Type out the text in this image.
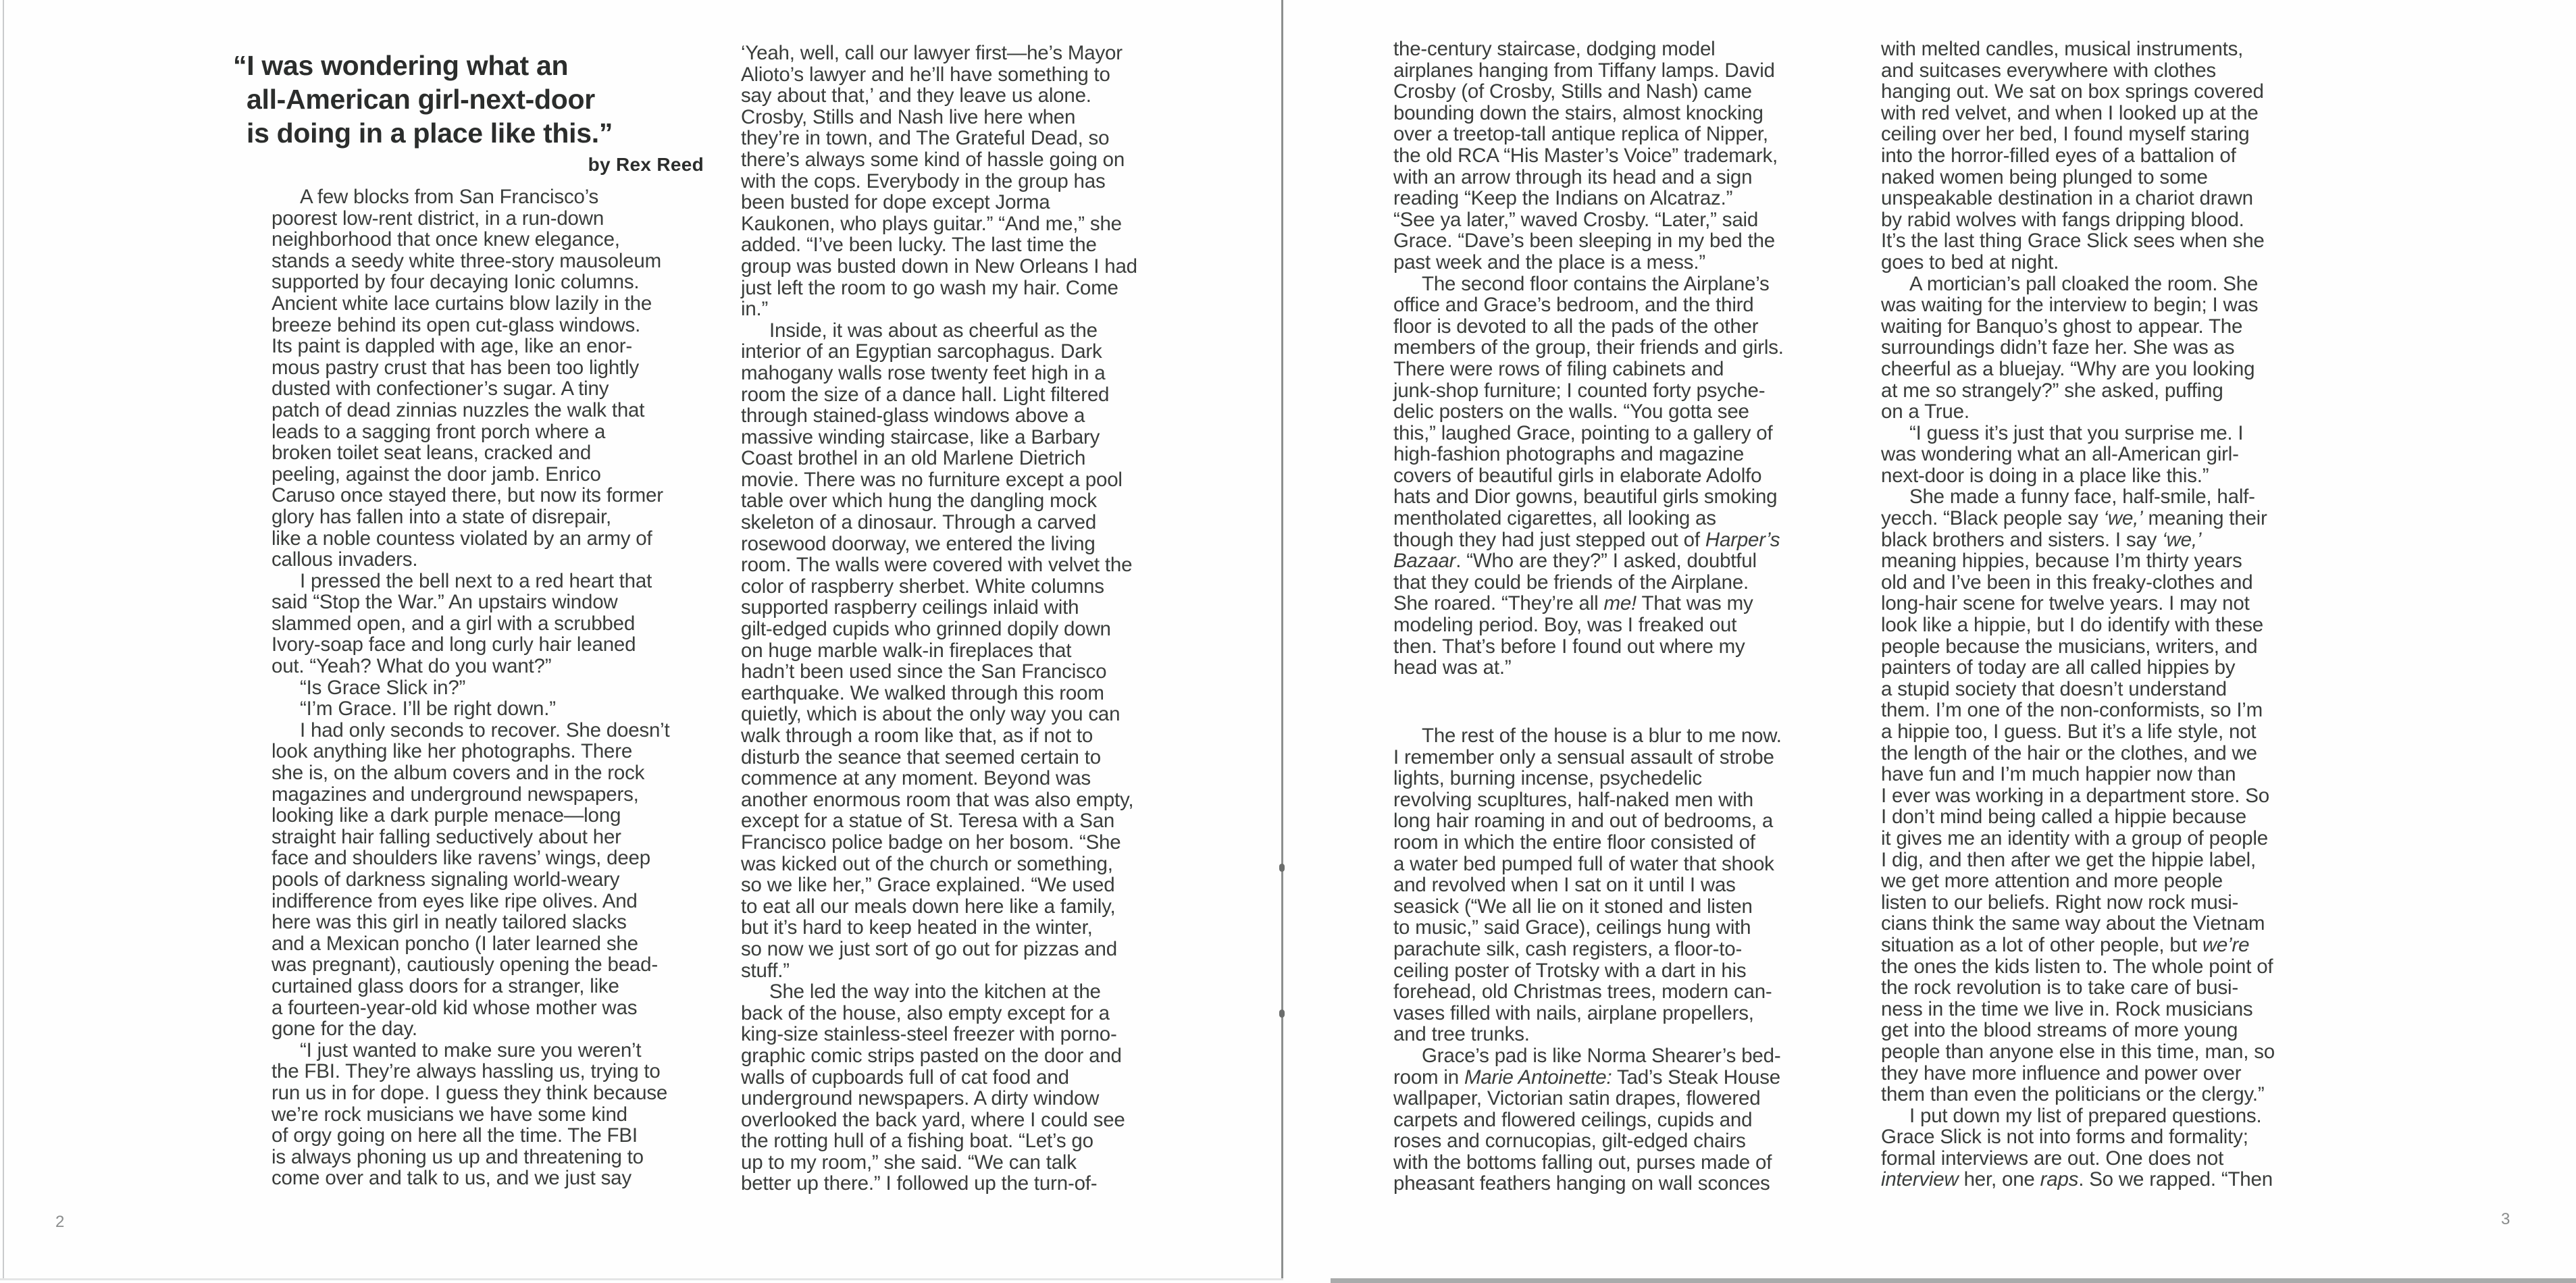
“I was wondering what an
all-American girl-next-door
is doing in a place like this.”
by Rex Reed

A few blocks from San Francisco’s
poorest low-rent district, in a run-down
neighborhood that once knew elegance,
stands a seedy white three-story mausoleum
supported by four decaying Ionic columns.
Ancient white lace curtains blow lazily in the
breeze behind its open cut-glass windows.
Its paint is dappled with age, like an enor-
mous pastry crust that has been too lightly
dusted with confectioner’s sugar. A tiny
patch of dead zinnias nuzzles the walk that
leads to a sagging front porch where a
broken toilet seat leans, cracked and
peeling, against the door jamb. Enrico
Caruso once stayed there, but now its former
glory has fallen into a state of disrepair,
like a noble countess violated by an army of
callous invaders.

I pressed the bell next to a red heart that
said “Stop the War.” An upstairs window
slammed open, and a girl with a scrubbed
Ivory-soap face and long curly hair leaned
out. “Yeah? What do you want?”

“Is Grace Slick in?”

“I’m Grace. I’ll be right down.”

I had only seconds to recover. She doesn’t
look anything like her photographs. There
she is, on the album covers and in the rock
magazines and underground newspapers,
looking like a dark purple menace—long
straight hair falling seductively about her
face and shoulders like ravens’ wings, deep
pools of darkness signaling world-weary
indifference from eyes like ripe olives. And
here was this girl in neatly tailored slacks
and a Mexican poncho (I later learned she
was pregnant), cautiously opening the bead-
curtained glass doors for a stranger, like
a fourteen-year-old kid whose mother was
gone for the day.

“I just wanted to make sure you weren’t
the FBI. They’re always hassling us, trying to
run us in for dope. I guess they think because
we’re rock musicians we have some kind
of orgy going on here all the time. The FBI
is always phoning us up and threatening to
come over and talk to us, and we just say

‘Yeah, well, call our lawyer first—he’s Mayor
Alioto’s lawyer and he’ll have something to
say about that,’ and they leave us alone.
Crosby, Stills and Nash live here when
they’re in town, and The Grateful Dead, so
there’s always some kind of hassle going on
with the cops. Everybody in the group has
been busted for dope except Jorma
Kaukonen, who plays guitar.” “And me,” she
added. “I’ve been lucky. The last time the
group was busted down in New Orleans I had
just left the room to go wash my hair. Come
in.”

Inside, it was about as cheerful as the
interior of an Egyptian sarcophagus. Dark
mahogany walls rose twenty feet high in a
room the size of a dance hall. Light filtered
through stained-glass windows above a
massive winding staircase, like a Barbary
Coast brothel in an old Marlene Dietrich
movie. There was no furniture except a pool
table over which hung the dangling mock
skeleton of a dinosaur. Through a carved
rosewood doorway, we entered the living
room. The walls were covered with velvet the
color of raspberry sherbet. White columns
supported raspberry ceilings inlaid with
gilt-edged cupids who grinned dopily down
on huge marble walk-in fireplaces that
hadn’t been used since the San Francisco
earthquake. We walked through this room
quietly, which is about the only way you can
walk through a room like that, as if not to
disturb the seance that seemed certain to
commence at any moment. Beyond was
another enormous room that was also empty,
except for a statue of St. Teresa with a San
Francisco police badge on her bosom. “She
was kicked out of the church or something,
so we like her,” Grace explained. “We used
to eat all our meals down here like a family,
but it’s hard to keep heated in the winter,
so now we just sort of go out for pizzas and
stuff.”

She led the way into the kitchen at the
back of the house, also empty except for a
king-size stainless-steel freezer with porno-
graphic comic strips pasted on the door and
walls of cupboards full of cat food and
underground newspapers. A dirty window
overlooked the back yard, where I could see
the rotting hull of a fishing boat. “Let’s go
up to my room,” she said. “We can talk
better up there.” I followed up the turn-of-

the-century staircase, dodging model
airplanes hanging from Tiffany lamps. David
Crosby (of Crosby, Stills and Nash) came
bounding down the stairs, almost knocking
over a treetop-tall antique replica of Nipper,
the old RCA “His Master’s Voice” trademark,
with an arrow through its head and a sign
reading “Keep the Indians on Alcatraz.”
“See ya later,” waved Crosby. “Later,” said
Grace. “Dave’s been sleeping in my bed the
past week and the place is a mess.”

The second floor contains the Airplane’s
office and Grace’s bedroom, and the third
floor is devoted to all the pads of the other
members of the group, their friends and girls.
There were rows of filing cabinets and
junk-shop furniture; I counted forty psyche-
delic posters on the walls. “You gotta see
this,” laughed Grace, pointing to a gallery of
high-fashion photographs and magazine
covers of beautiful girls in elaborate Adolfo
hats and Dior gowns, beautiful girls smoking
mentholated cigarettes, all looking as
though they had just stepped out of Harper’s
Bazaar. “Who are they?” I asked, doubtful
that they could be friends of the Airplane.
She roared. “They’re all me! That was my
modeling period. Boy, was I freaked out
then. That’s before I found out where my
head was at.”

The rest of the house is a blur to me now.
I remember only a sensual assault of strobe
lights, burning incense, psychedelic
revolving scupltures, half-naked men with
long hair roaming in and out of bedrooms, a
room in which the entire floor consisted of
a water bed pumped full of water that shook
and revolved when I sat on it until I was
seasick (“We all lie on it stoned and listen
to music,” said Grace), ceilings hung with
parachute silk, cash registers, a floor-to-
ceiling poster of Trotsky with a dart in his
forehead, old Christmas trees, modern can-
vases filled with nails, airplane propellers,
and tree trunks.

Grace’s pad is like Norma Shearer’s bed-
room in Marie Antoinette: Tad’s Steak House
wallpaper, Victorian satin drapes, flowered
carpets and flowered ceilings, cupids and
roses and cornucopias, gilt-edged chairs
with the bottoms falling out, purses made of
pheasant feathers hanging on wall sconces

with melted candles, musical instruments,
and suitcases everywhere with clothes
hanging out. We sat on box springs covered
with red velvet, and when I looked up at the
ceiling over her bed, I found myself staring
into the horror-filled eyes of a battalion of
naked women being plunged to some
unspeakable destination in a chariot drawn
by rabid wolves with fangs dripping blood.
It’s the last thing Grace Slick sees when she
goes to bed at night.

A mortician’s pall cloaked the room. She
was waiting for the interview to begin; I was
waiting for Banquo’s ghost to appear. The
surroundings didn’t faze her. She was as
cheerful as a bluejay. “Why are you looking
at me so strangely?” she asked, puffing
on a True.

“I guess it’s just that you surprise me. I
was wondering what an all-American girl-
next-door is doing in a place like this.”

She made a funny face, half-smile, half-
yecch. “Black people say ‘we,’ meaning their
black brothers and sisters. I say ‘we,’
meaning hippies, because I’m thirty years
old and I’ve been in this freaky-clothes and
long-hair scene for twelve years. I may not
look like a hippie, but I do identify with these
people because the musicians, writers, and
painters of today are all called hippies by
a stupid society that doesn’t understand
them. I’m one of the non-conformists, so I’m
a hippie too, I guess. But it’s a life style, not
the length of the hair or the clothes, and we
have fun and I’m much happier now than
I ever was working in a department store. So
I don’t mind being called a hippie because
it gives me an identity with a group of people
I dig, and then after we get the hippie label,
we get more attention and more people
listen to our beliefs. Right now rock musi-
cians think the same way about the Vietnam
situation as a lot of other people, but we’re
the ones the kids listen to. The whole point of
the rock revolution is to take care of busi-
ness in the time we live in. Rock musicians
get into the blood streams of more young
people than anyone else in this time, man, so
they have more influence and power over
them than even the politicians or the clergy.”

I put down my list of prepared questions.
Grace Slick is not into forms and formality;
formal interviews are out. One does not
interview her, one raps. So we rapped. “Then

2	3
